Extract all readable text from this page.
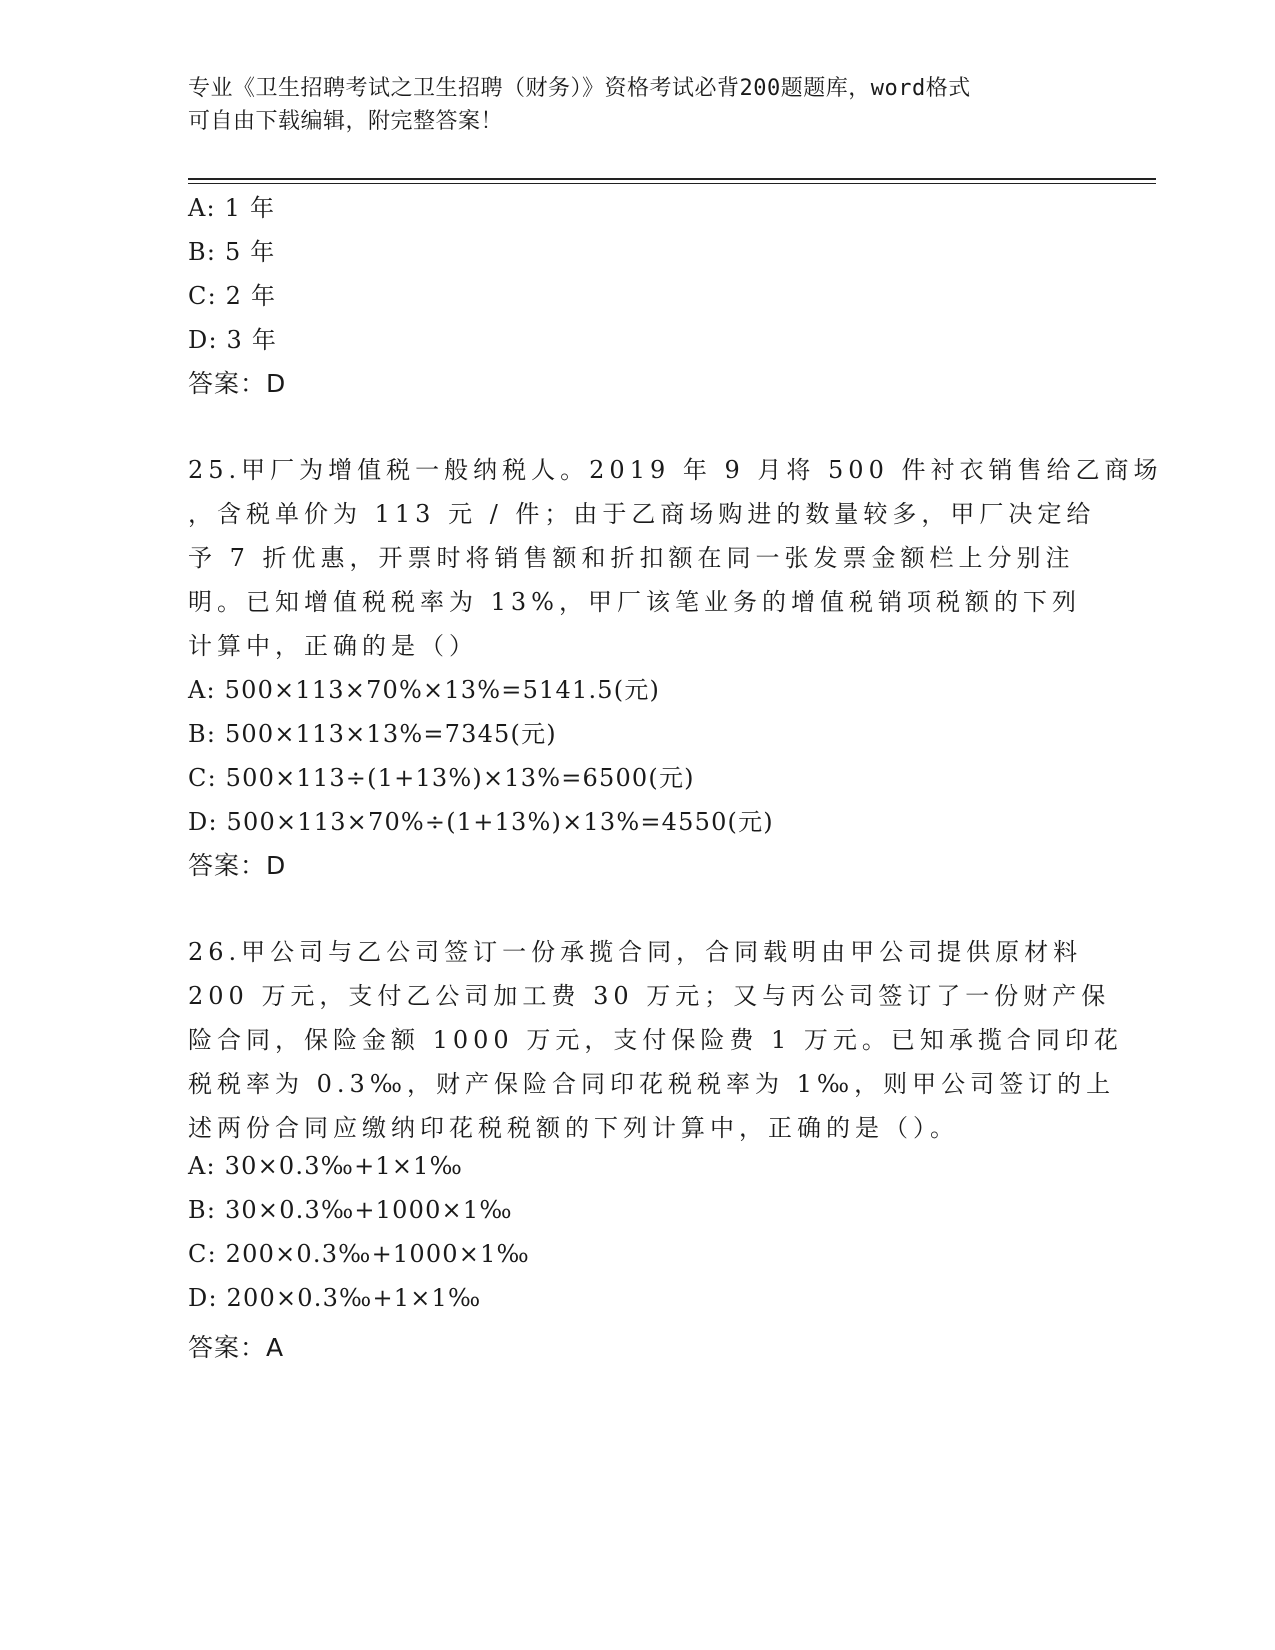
专业《卫生招聘考试之卫生招聘（财务）》资格考试必背200题题库，word格式
可自由下载编辑，附完整答案！
A: 1 年
B: 5 年
C: 2 年
D: 3 年
答案：D
25.甲厂为增值税一般纳税人。2019 年 9 月将 500 件衬衣销售给乙商场
，含税单价为 113 元 / 件；由于乙商场购进的数量较多，甲厂决定给
予 7 折优惠，开票时将销售额和折扣额在同一张发票金额栏上分别注
明。已知增值税税率为 13%，甲厂该笔业务的增值税销项税额的下列
计算中，正确的是（）
A: 500×113×70%×13%=5141.5(元)
B: 500×113×13%=7345(元)
C: 500×113÷(1+13%)×13%=6500(元)
D: 500×113×70%÷(1+13%)×13%=4550(元)
答案：D
26.甲公司与乙公司签订一份承揽合同，合同载明由甲公司提供原材料
200 万元，支付乙公司加工费 30 万元；又与丙公司签订了一份财产保
险合同，保险金额 1000 万元，支付保险费 1 万元。已知承揽合同印花
税税率为 0.3‰，财产保险合同印花税税率为 1‰，则甲公司签订的上
述两份合同应缴纳印花税税额的下列计算中，正确的是（）。
A: 30×0.3‰+1×1‰
B: 30×0.3‰+1000×1‰
C: 200×0.3‰+1000×1‰
D: 200×0.3‰+1×1‰
答案：A
